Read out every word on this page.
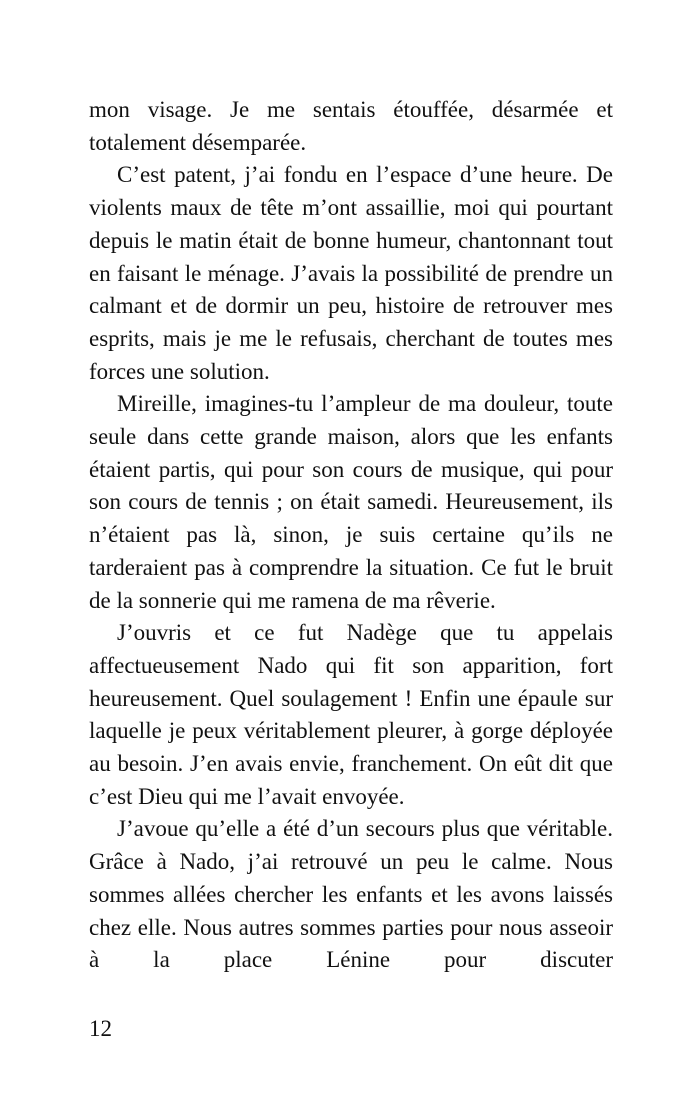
mon visage. Je me sentais étouffée, désarmée et totalement désemparée.

C’est patent, j’ai fondu en l’espace d’une heure. De violents maux de tête m’ont assaillie, moi qui pourtant depuis le matin était de bonne humeur, chantonnant tout en faisant le ménage. J’avais la possibilité de prendre un calmant et de dormir un peu, histoire de retrouver mes esprits, mais je me le refusais, cherchant de toutes mes forces une solution.

Mireille, imagines-tu l’ampleur de ma douleur, toute seule dans cette grande maison, alors que les enfants étaient partis, qui pour son cours de musique, qui pour son cours de tennis ; on était samedi. Heureusement, ils n’étaient pas là, sinon, je suis certaine qu’ils ne tarderaient pas à comprendre la situation. Ce fut le bruit de la sonnerie qui me ramena de ma rêverie.

J’ouvris et ce fut Nadège que tu appelais affectueusement Nado qui fit son apparition, fort heureusement. Quel soulagement ! Enfin une épaule sur laquelle je peux véritablement pleurer, à gorge déployée au besoin. J’en avais envie, franchement. On eût dit que c’est Dieu qui me l’avait envoyée.

J’avoue qu’elle a été d’un secours plus que véritable. Grâce à Nado, j’ai retrouvé un peu le calme. Nous sommes allées chercher les enfants et les avons laissés chez elle. Nous autres sommes parties pour nous asseoir à la place Lénine pour discuter

12
